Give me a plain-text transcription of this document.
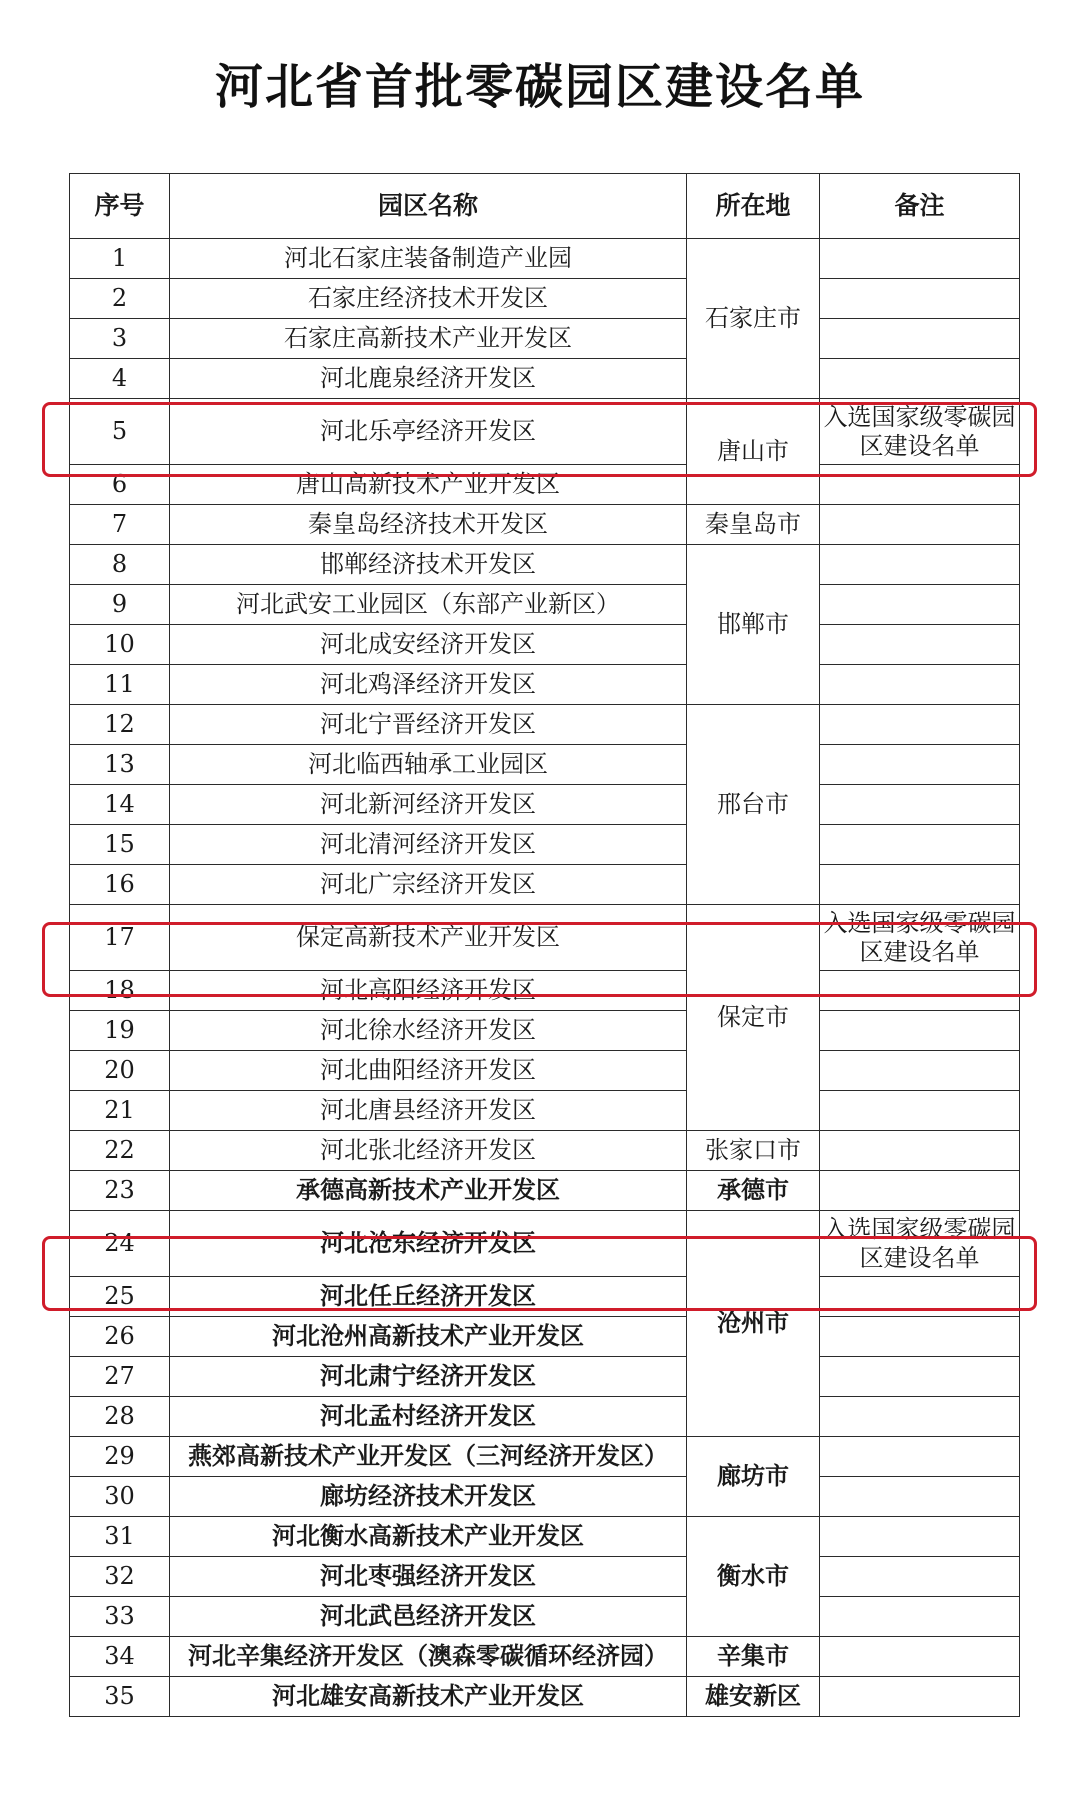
河北省首批零碳园区建设名单
序号	园区名称	所在地	备注
1	河北石家庄装备制造产业园	石家庄市	
2	石家庄经济技术开发区		
3	石家庄高新技术产业开发区		
4	河北鹿泉经济开发区		
5	河北乐亭经济开发区	唐山市	入选国家级零碳园区建设名单
6	唐山高新技术产业开发区		
7	秦皇岛经济技术开发区	秦皇岛市	
8	邯郸经济技术开发区	邯郸市	
9	河北武安工业园区（东部产业新区）		
10	河北成安经济开发区		
11	河北鸡泽经济开发区		
12	河北宁晋经济开发区	邢台市	
13	河北临西轴承工业园区		
14	河北新河经济开发区		
15	河北清河经济开发区		
16	河北广宗经济开发区		
17	保定高新技术产业开发区	保定市	入选国家级零碳园区建设名单
18	河北高阳经济开发区		
19	河北徐水经济开发区		
20	河北曲阳经济开发区		
21	河北唐县经济开发区		
22	河北张北经济开发区	张家口市	
23	承德高新技术产业开发区	承德市	
24	河北沧东经济开发区	沧州市	入选国家级零碳园区建设名单
25	河北任丘经济开发区		
26	河北沧州高新技术产业开发区		
27	河北肃宁经济开发区		
28	河北孟村经济开发区		
29	燕郊高新技术产业开发区（三河经济开发区）	廊坊市	
30	廊坊经济技术开发区		
31	河北衡水高新技术产业开发区	衡水市	
32	河北枣强经济开发区		
33	河北武邑经济开发区		
34	河北辛集经济开发区（澳森零碳循环经济园）	辛集市	
35	河北雄安高新技术产业开发区	雄安新区	
